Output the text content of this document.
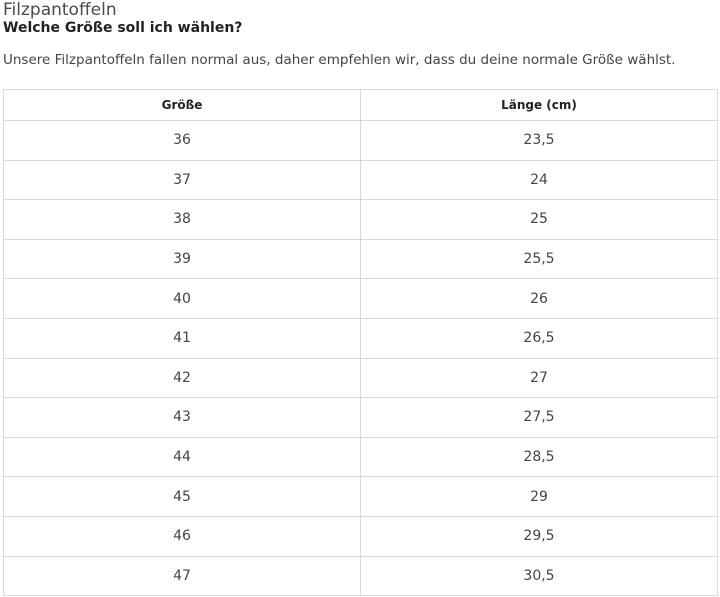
Filzpantoffeln
Welche Größe soll ich wählen?

Unsere Filzpantoffeln fallen normal aus, daher empfehlen wir, dass du deine normale Größe wählst.

Größe	Länge (cm)
36	23,5
37	24
38	25
39	25,5
40	26
41	26,5
42	27
43	27,5
44	28,5
45	29
46	29,5
47	30,5
